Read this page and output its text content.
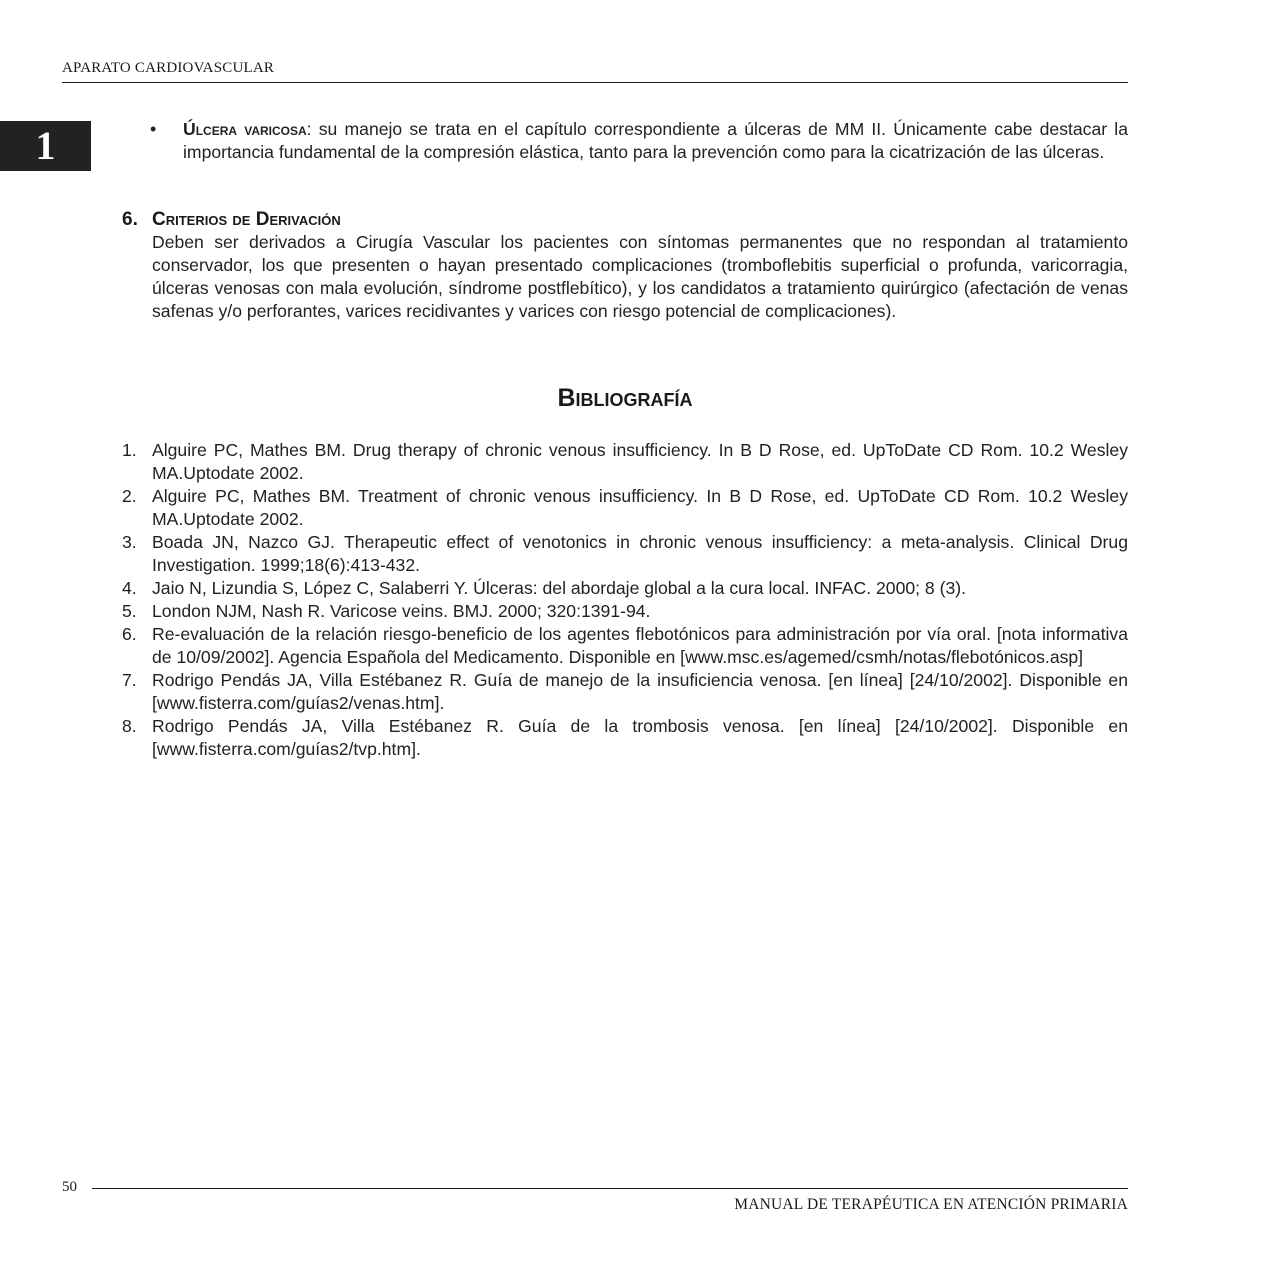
APARATO CARDIOVASCULAR
1	• Úlcera varicosa: su manejo se trata en el capítulo correspondiente a úlceras de MM II. Únicamente cabe destacar la importancia fundamental de la compresión elástica, tanto para la prevención como para la cicatrización de las úlceras.
6. Criterios de Derivación
Deben ser derivados a Cirugía Vascular los pacientes con síntomas permanentes que no respondan al tratamiento conservador, los que presenten o hayan presentado complicaciones (tromboflebitis superficial o profunda, varicorragia, úlceras venosas con mala evolución, síndrome postflebítico), y los candidatos a tratamiento quirúrgico (afectación de venas safenas y/o perforantes, varices recidivantes y varices con riesgo potencial de complicaciones).
Bibliografía
1. Alguire PC, Mathes BM. Drug therapy of chronic venous insufficiency. In B D Rose, ed. UpToDate CD Rom. 10.2 Wesley MA.Uptodate 2002.
2. Alguire PC, Mathes BM. Treatment of chronic venous insufficiency. In B D Rose, ed. UpToDate CD Rom. 10.2 Wesley MA.Uptodate 2002.
3. Boada JN, Nazco GJ. Therapeutic effect of venotonics in chronic venous insufficiency: a meta-analysis. Clinical Drug Investigation. 1999;18(6):413-432.
4. Jaio N, Lizundia S, López C, Salaberri Y. Úlceras: del abordaje global a la cura local. INFAC. 2000; 8 (3).
5. London NJM, Nash R. Varicose veins. BMJ. 2000; 320:1391-94.
6. Re-evaluación de la relación riesgo-beneficio de los agentes flebotónicos para administración por vía oral. [nota informativa de 10/09/2002]. Agencia Española del Medicamento. Disponible en [www.msc.es/agemed/csmh/notas/flebotónicos.asp]
7. Rodrigo Pendás JA, Villa Estébanez R. Guía de manejo de la insuficiencia venosa. [en línea] [24/10/2002]. Disponible en [www.fisterra.com/guías2/venas.htm].
8. Rodrigo Pendás JA, Villa Estébanez R. Guía de la trombosis venosa. [en línea] [24/10/2002]. Disponible en [www.fisterra.com/guías2/tvp.htm].
50
MANUAL DE TERAPÉUTICA EN ATENCIÓN PRIMARIA
